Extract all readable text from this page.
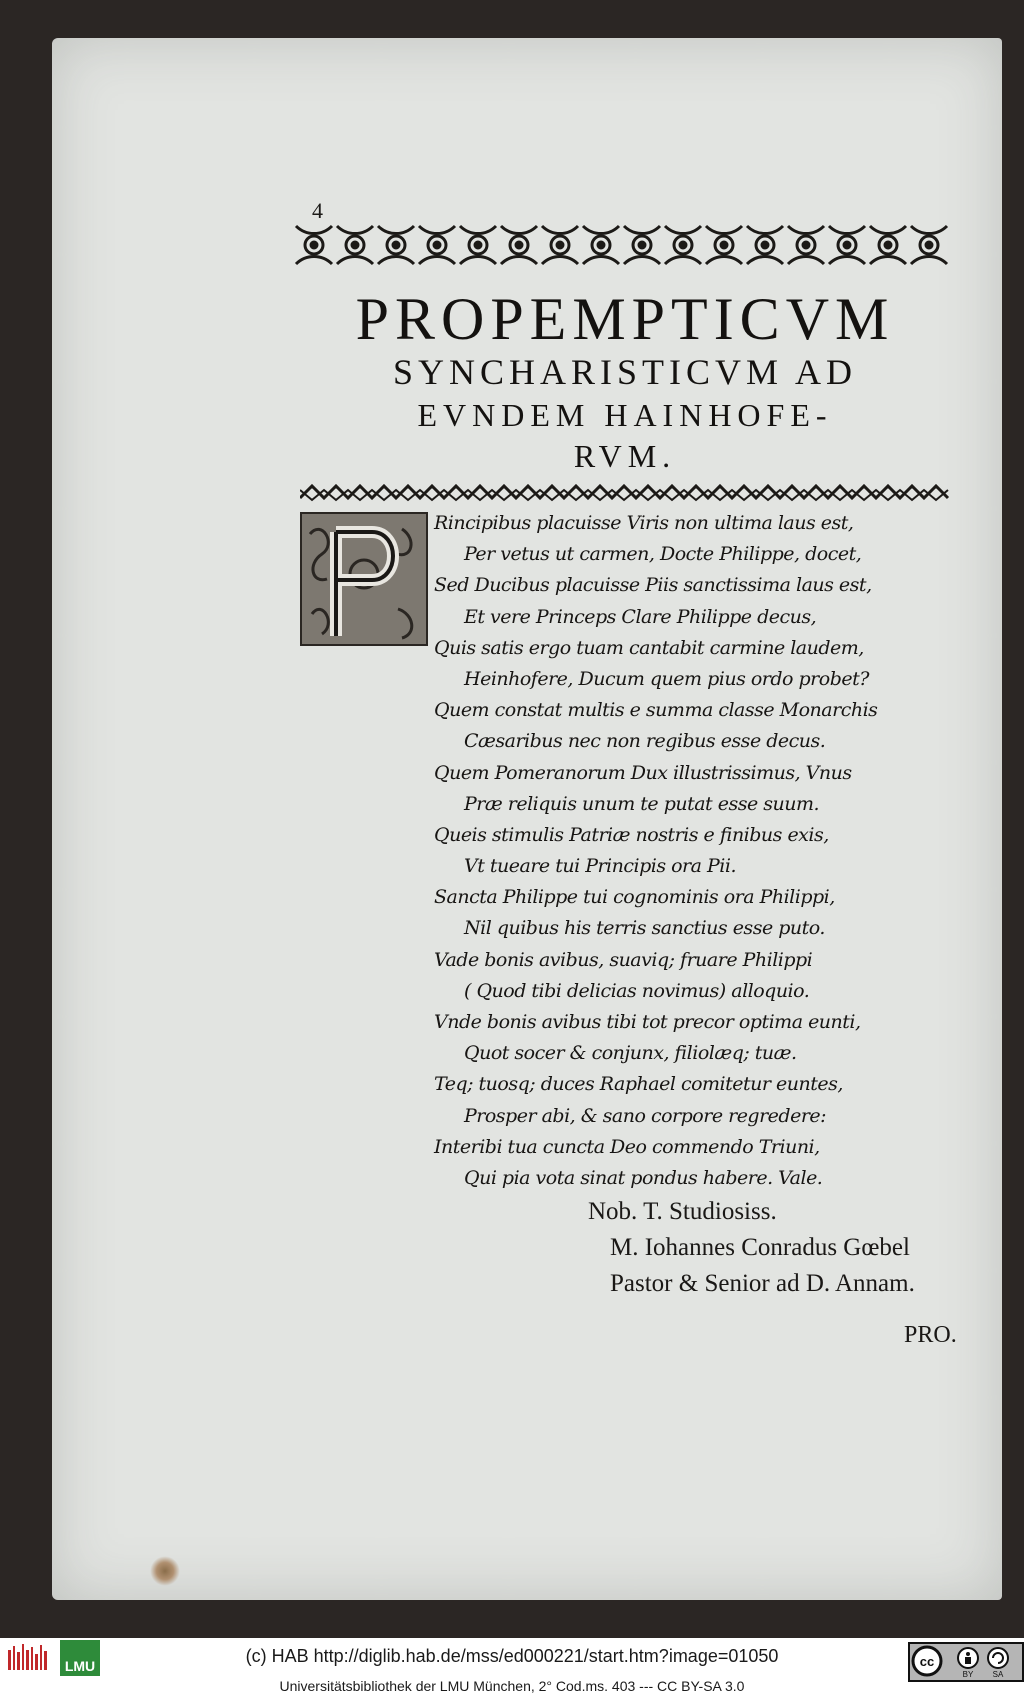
4
PROPEMPTICVM
SYNCHARISTICVM AD
EVNDEM HAINHOFE-
RVM.
Rincipibus placuisse Viris non ultima laus est,
Per vetus ut carmen, Docte Philippe, docet,
Sed Ducibus placuisse Piis sanctissima laus est,
Et vere Princeps Clare Philippe decus,
Quis satis ergo tuam cantabit carmine laudem,
Heinhofere, Ducum quem pius ordo probet?
Quem constat multis e summa classe Monarchis
Cæsaribus nec non regibus esse decus.
Quem Pomeranorum Dux illustrissimus, Vnus
Præ reliquis unum te putat esse suum.
Queis stimulis Patriæ nostris e finibus exis,
Vt tueare tui Principis ora Pii.
Sancta Philippe tui cognominis ora Philippi,
Nil quibus his terris sanctius esse puto.
Vade bonis avibus, suaviq; fruare Philippi
( Quod tibi delicias novimus) alloquio.
Vnde bonis avibus tibi tot precor optima eunti,
Quot socer & conjunx, filiolæq; tuæ.
Teq; tuosq; duces Raphael comitetur euntes,
Prosper abi, & sano corpore regredere:
Interibi tua cuncta Deo commendo Triuni,
Qui pia vota sinat pondus habere. Vale.
Nob. T. Studiosiss.
M. Iohannes Conradus Gœbel
Pastor & Senior ad D. Annam.
PRO.
LMU	(c) HAB http://diglib.hab.de/mss/ed000221/start.htm?image=01050
Universitätsbibliothek der LMU München, 2° Cod.ms. 403 --- CC BY-SA 3.0
cc
BY SA
